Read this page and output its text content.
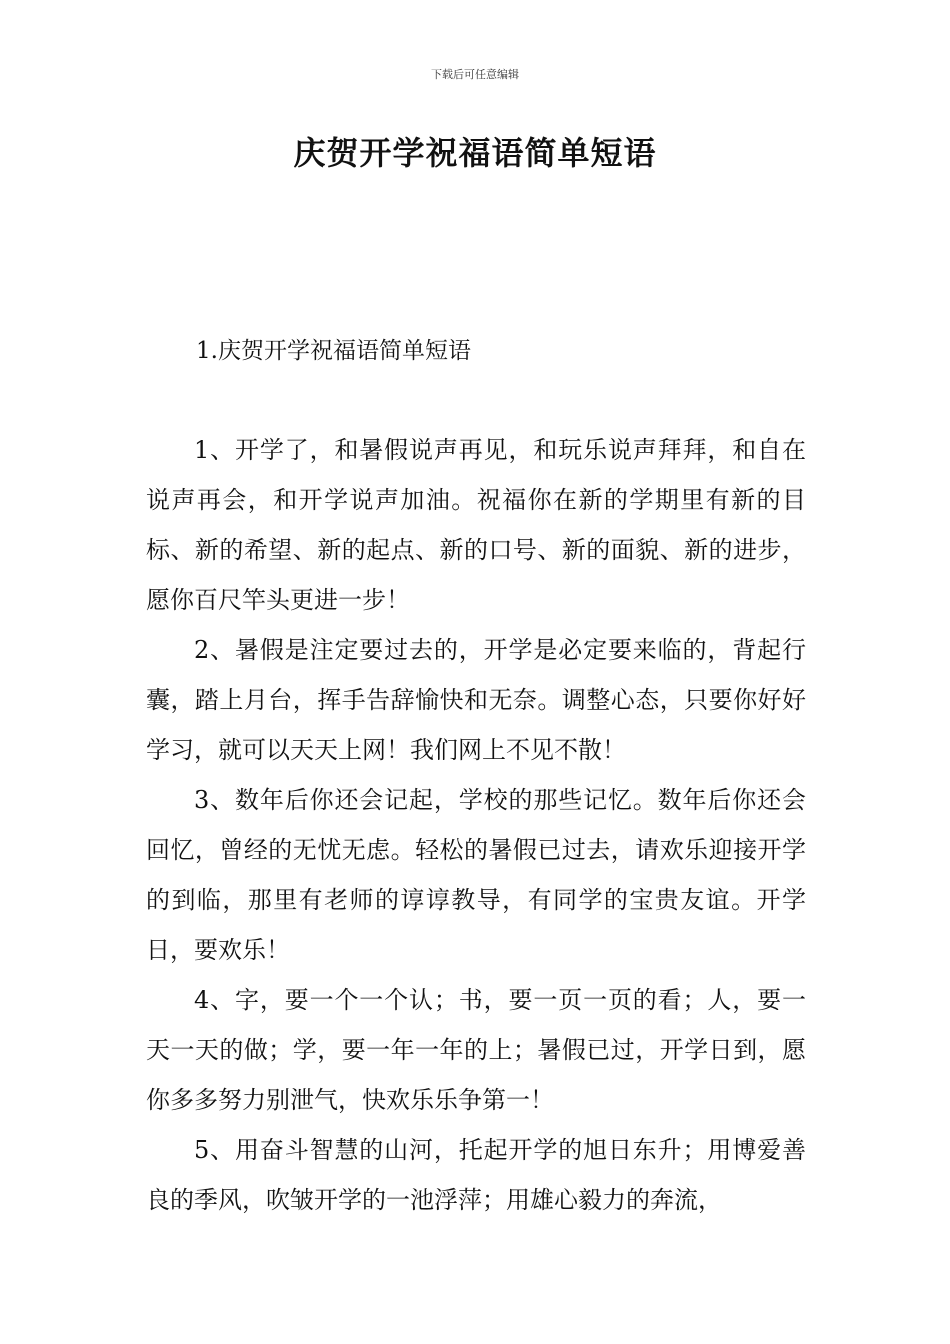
下载后可任意编辑
庆贺开学祝福语简单短语
1.庆贺开学祝福语简单短语

1、开学了，和暑假说声再见，和玩乐说声拜拜，和自在说声再会，和开学说声加油。祝福你在新的学期里有新的目标、新的希望、新的起点、新的口号、新的面貌、新的进步，愿你百尺竿头更进一步！

2、暑假是注定要过去的，开学是必定要来临的，背起行囊，踏上月台，挥手告辞愉快和无奈。调整心态，只要你好好学习，就可以天天上网！我们网上不见不散！

3、数年后你还会记起，学校的那些记忆。数年后你还会回忆，曾经的无忧无虑。轻松的暑假已过去，请欢乐迎接开学的到临，那里有老师的谆谆教导，有同学的宝贵友谊。开学日，要欢乐！

4、字，要一个一个认；书，要一页一页的看；人，要一天一天的做；学，要一年一年的上；暑假已过，开学日到，愿你多多努力别泄气，快欢乐乐争第一！

5、用奋斗智慧的山河，托起开学的旭日东升；用博爱善良的季风，吹皱开学的一池浮萍；用雄心毅力的奔流，
